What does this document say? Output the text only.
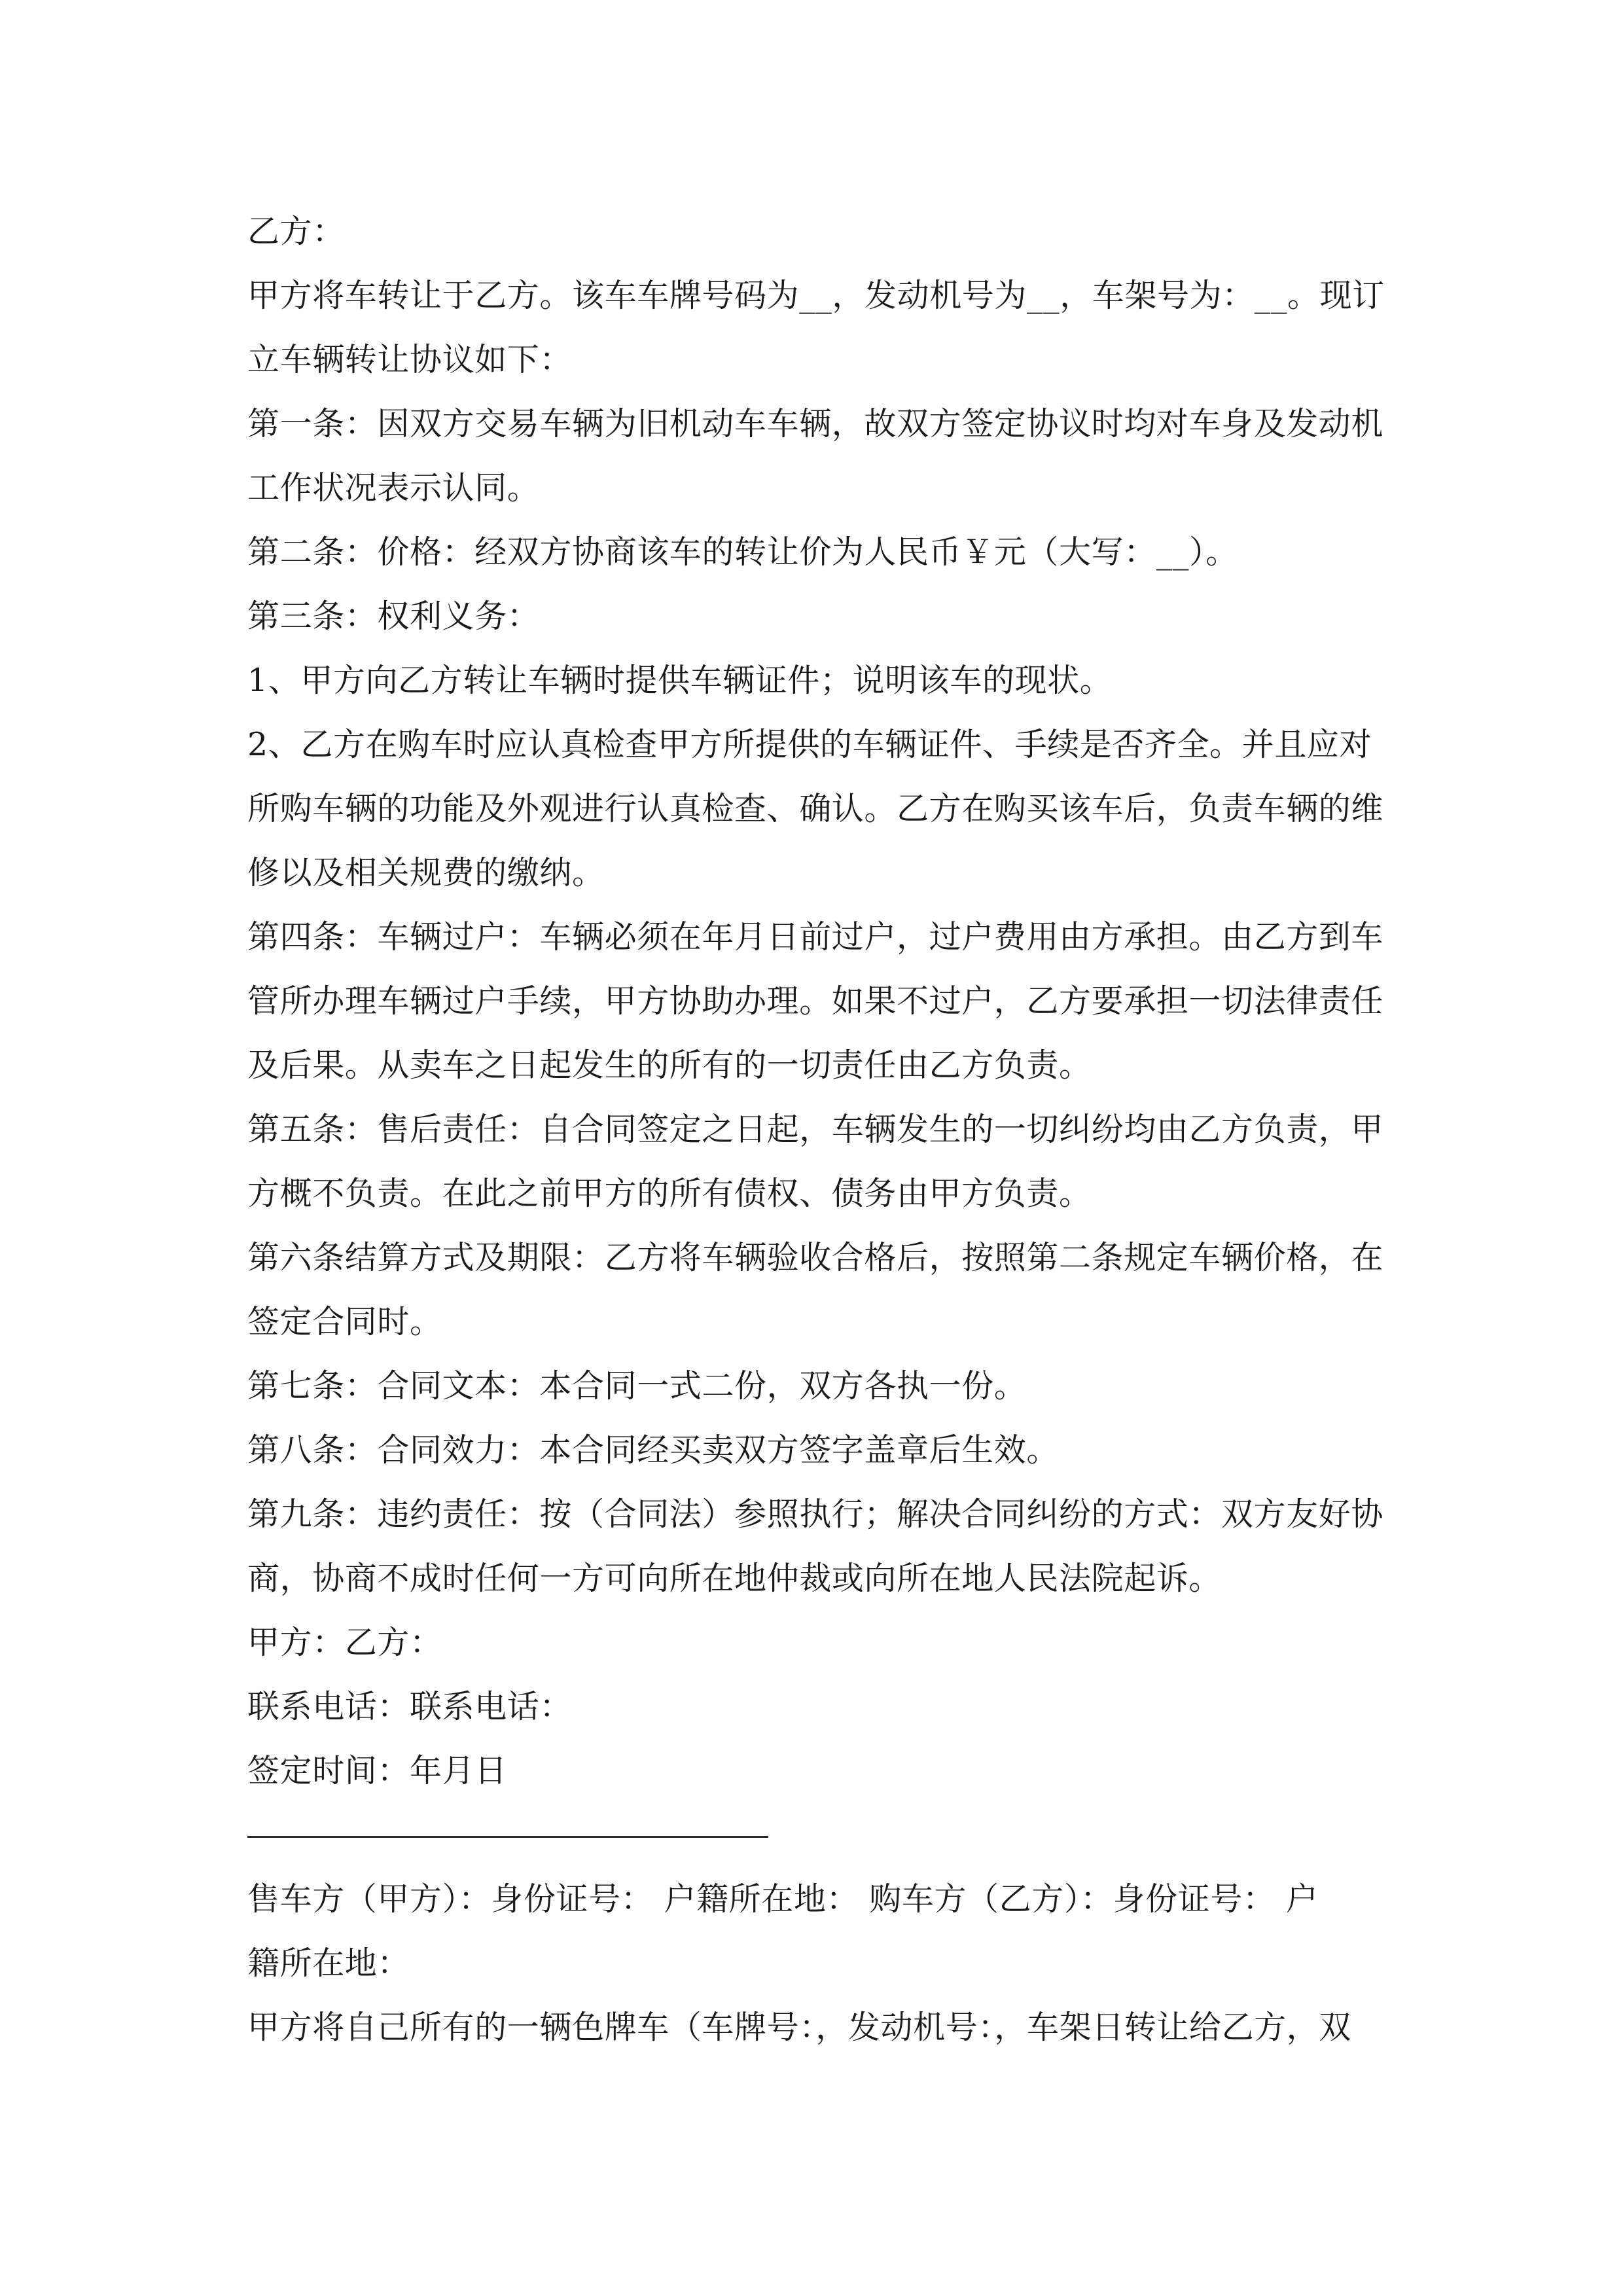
乙方：
甲方将车转让于乙方。该车车牌号码为__，发动机号为__，车架号为：__。现订
立车辆转让协议如下：
第一条：因双方交易车辆为旧机动车车辆，故双方签定协议时均对车身及发动机
工作状况表示认同。
第二条：价格：经双方协商该车的转让价为人民币￥元（大写：__）。
第三条：权利义务：
1、甲方向乙方转让车辆时提供车辆证件；说明该车的现状。
2、乙方在购车时应认真检查甲方所提供的车辆证件、手续是否齐全。并且应对
所购车辆的功能及外观进行认真检查、确认。乙方在购买该车后，负责车辆的维
修以及相关规费的缴纳。
第四条：车辆过户：车辆必须在年月日前过户，过户费用由方承担。由乙方到车
管所办理车辆过户手续，甲方协助办理。如果不过户，乙方要承担一切法律责任
及后果。从卖车之日起发生的所有的一切责任由乙方负责。
第五条：售后责任：自合同签定之日起，车辆发生的一切纠纷均由乙方负责，甲
方概不负责。在此之前甲方的所有债权、债务由甲方负责。
第六条结算方式及期限：乙方将车辆验收合格后，按照第二条规定车辆价格，在
签定合同时。
第七条：合同文本：本合同一式二份，双方各执一份。
第八条：合同效力：本合同经买卖双方签字盖章后生效。
第九条：违约责任：按（合同法）参照执行；解决合同纠纷的方式：双方友好协
商，协商不成时任何一方可向所在地仲裁或向所在地人民法院起诉。
甲方：乙方：
联系电话：联系电话：
签定时间：年月日
售车方（甲方）：身份证号： 户籍所在地： 购车方（乙方）：身份证号： 户
籍所在地：
甲方将自己所有的一辆色牌车（车牌号：，发动机号：，车架日转让给乙方，双
